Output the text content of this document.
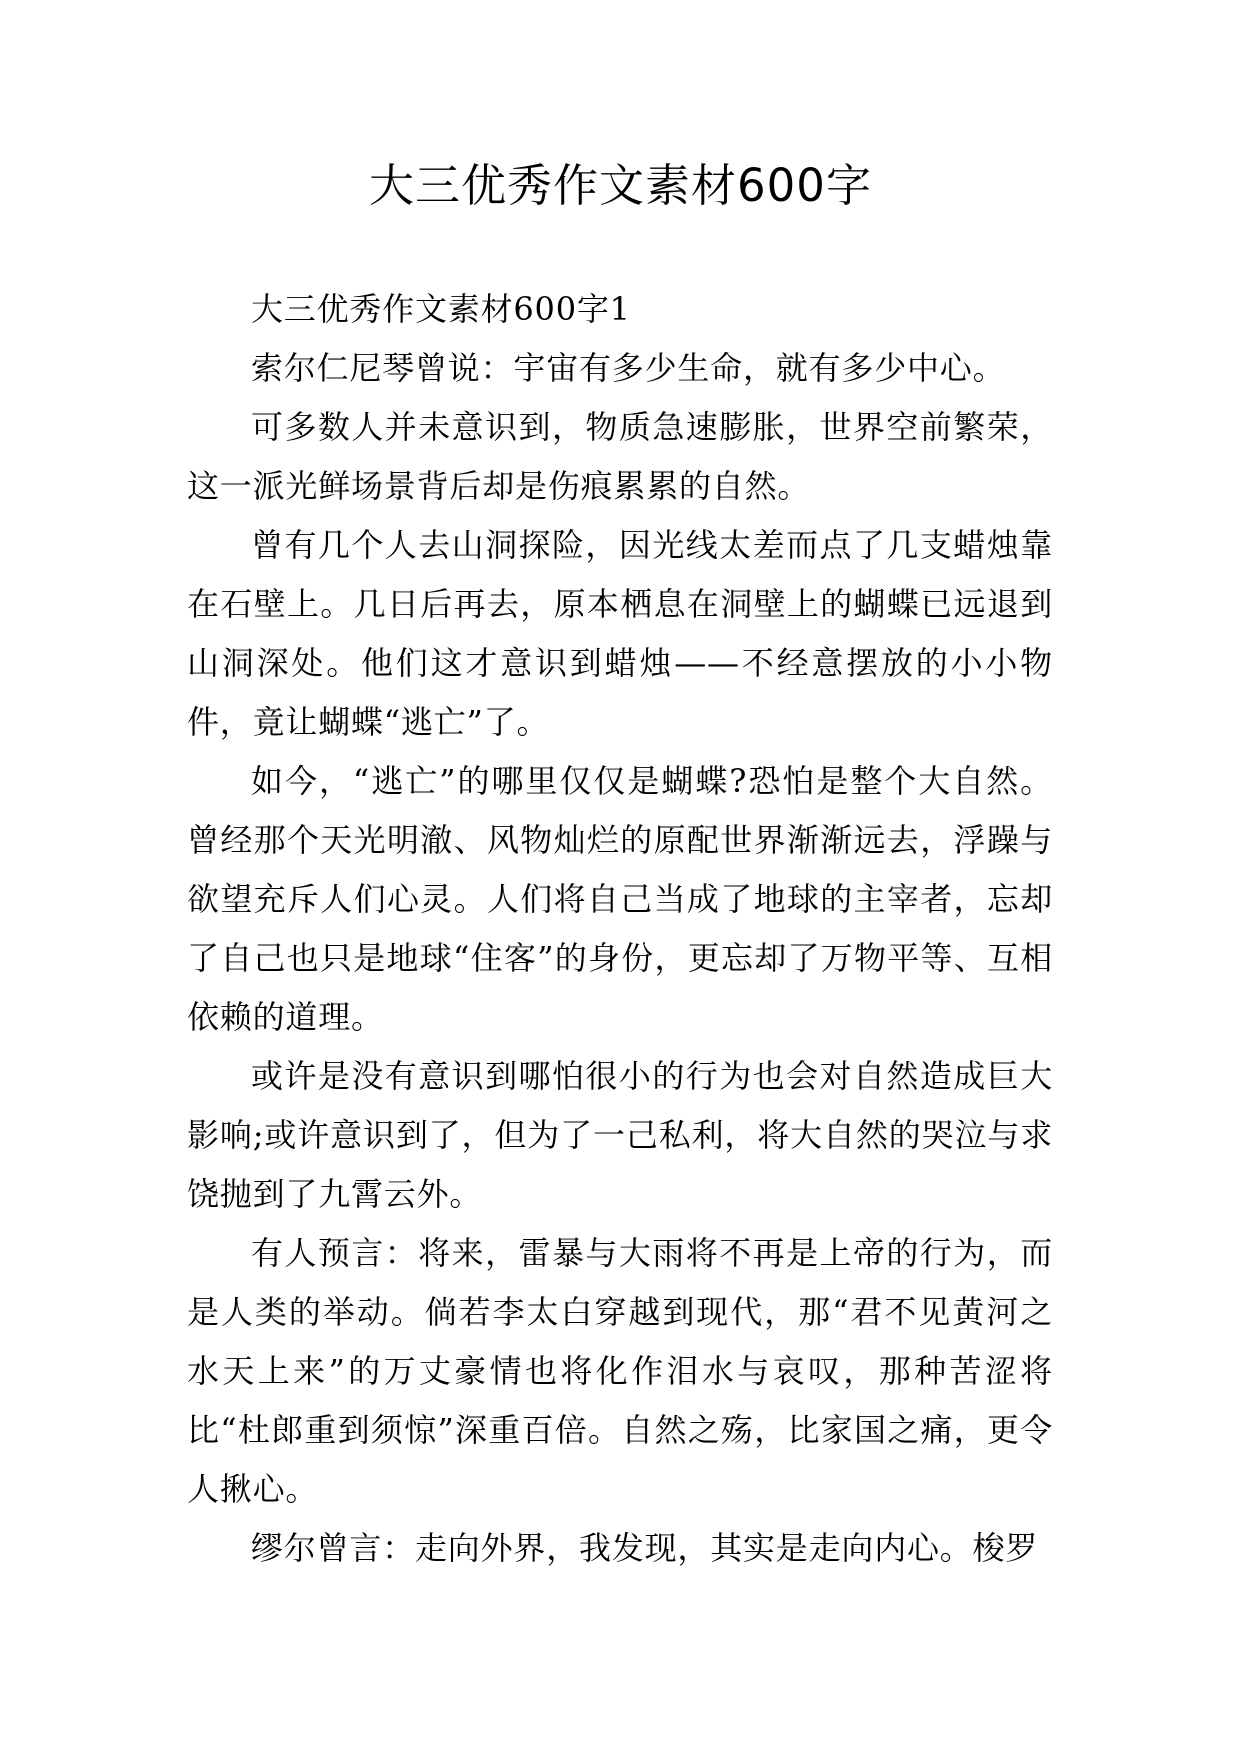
大三优秀作文素材600字

大三优秀作文素材600字1

索尔仁尼琴曾说：宇宙有多少生命，就有多少中心。

可多数人并未意识到，物质急速膨胀，世界空前繁荣，这一派光鲜场景背后却是伤痕累累的自然。

曾有几个人去山洞探险，因光线太差而点了几支蜡烛靠在石壁上。几日后再去，原本栖息在洞壁上的蝴蝶已远退到山洞深处。他们这才意识到蜡烛——不经意摆放的小小物件，竟让蝴蝶“逃亡”了。

如今，“逃亡”的哪里仅仅是蝴蝶?恐怕是整个大自然。曾经那个天光明澈、风物灿烂的原配世界渐渐远去，浮躁与欲望充斥人们心灵。人们将自己当成了地球的主宰者，忘却了自己也只是地球“住客”的身份，更忘却了万物平等、互相依赖的道理。

或许是没有意识到哪怕很小的行为也会对自然造成巨大影响;或许意识到了，但为了一己私利，将大自然的哭泣与求饶抛到了九霄云外。

有人预言：将来，雷暴与大雨将不再是上帝的行为，而是人类的举动。倘若李太白穿越到现代，那“君不见黄河之水天上来”的万丈豪情也将化作泪水与哀叹，那种苦涩将比“杜郎重到须惊”深重百倍。自然之殇，比家国之痛，更令人揪心。

缪尔曾言：走向外界，我发现，其实是走向内心。梭罗
